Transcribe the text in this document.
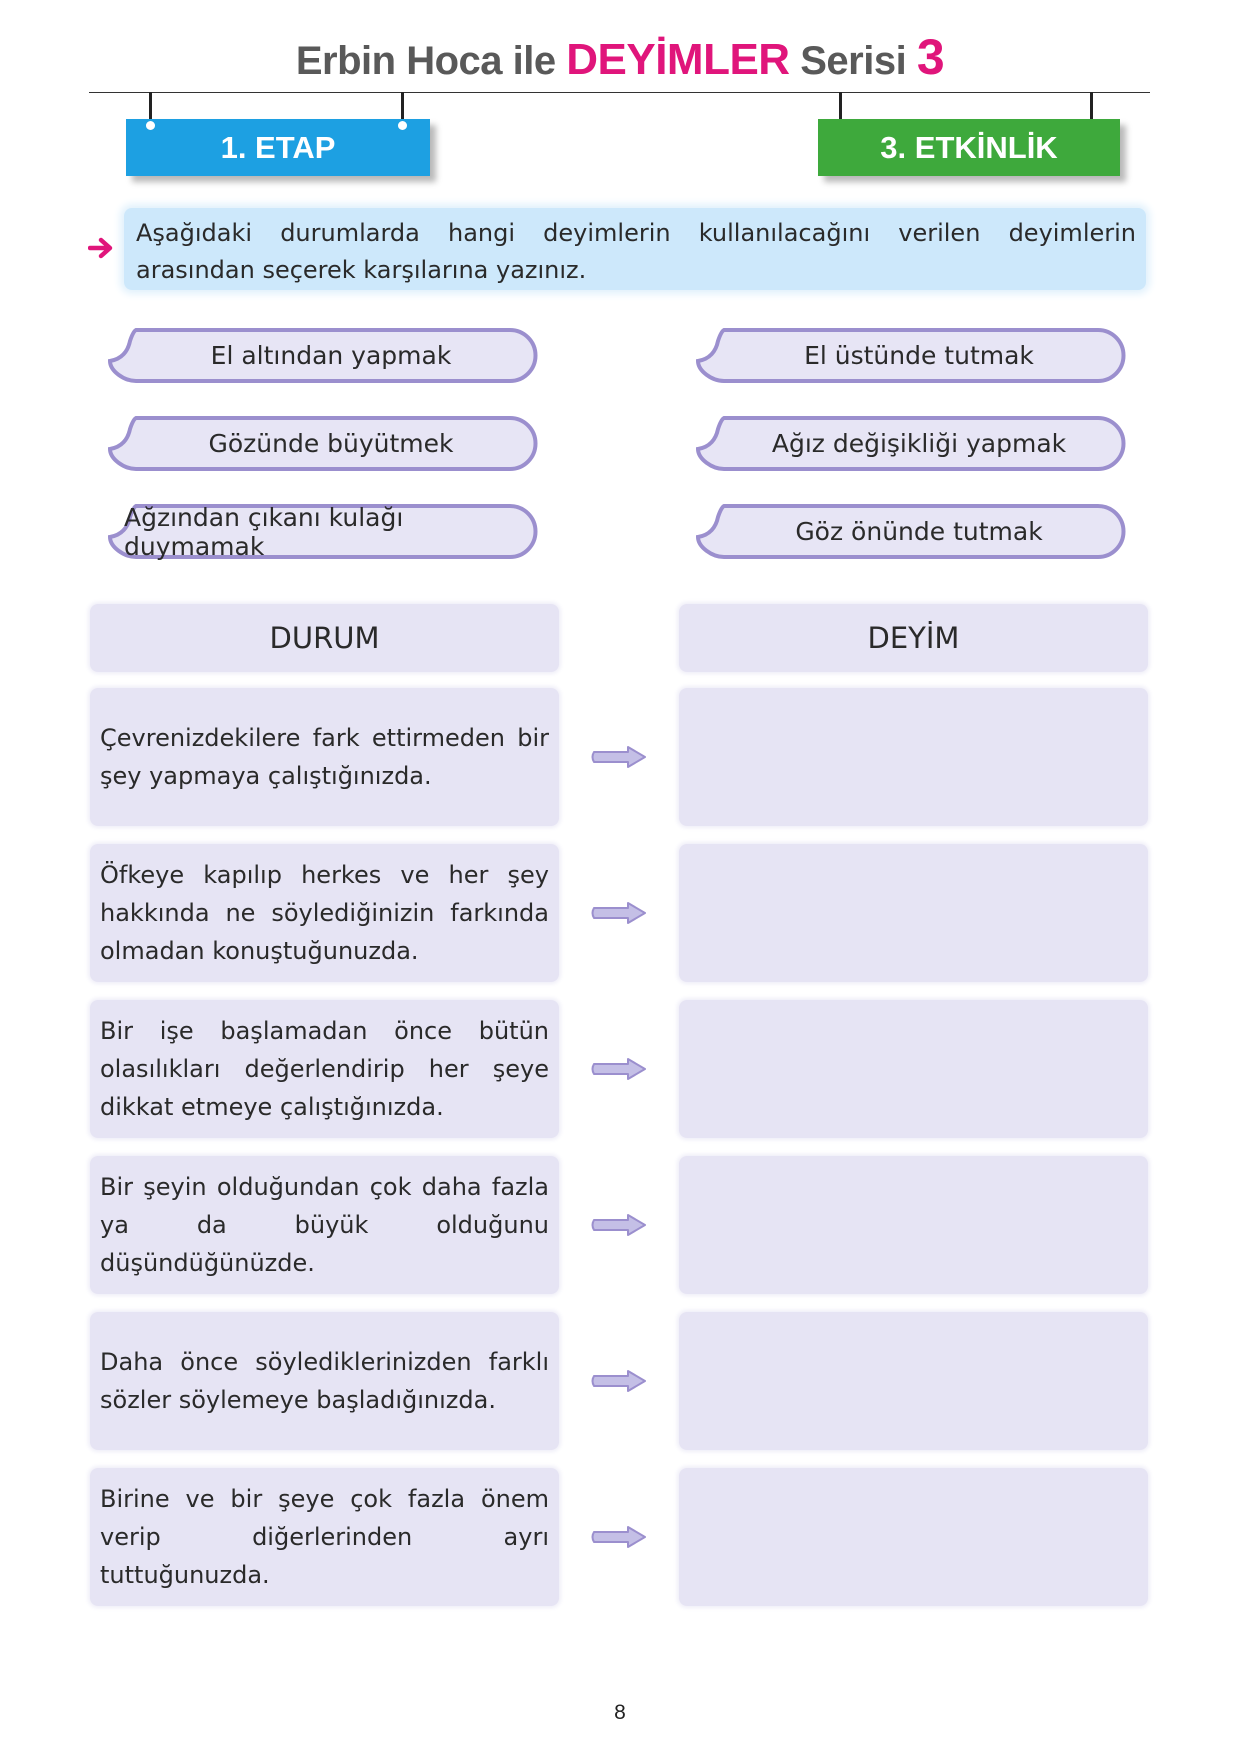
Erbin Hoca ile DEYİMLER Serisi 3
1. ETAP	3. ETKİNLİK
Aşağıdaki durumlarda hangi deyimlerin kullanılacağını verilen deyimlerin arasından seçerek karşılarına yazınız.
El altından yapmak
Gözünde büyütmek
Ağzından çıkanı kulağı duymamak
El üstünde tutmak
Ağız değişikliği yapmak
Göz önünde tutmak
DURUM	DEYİM

Çevrenizdekilere fark ettirmeden bir şey yapmaya çalıştığınızda.

Öfkeye kapılıp herkes ve her şey hakkında ne söylediğinizin farkında olmadan konuştuğunuzda.

Bir işe başlamadan önce bütün olasılıkları değerlendirip her şeye dikkat etmeye çalıştığınızda.

Bir şeyin olduğundan çok daha fazla ya da büyük olduğunu düşündüğünüzde.

Daha önce söylediklerinizden farklı sözler söylemeye başladığınızda.

Birine ve bir şeye çok fazla önem verip diğerlerinden ayrı tuttuğunuzda.

8
